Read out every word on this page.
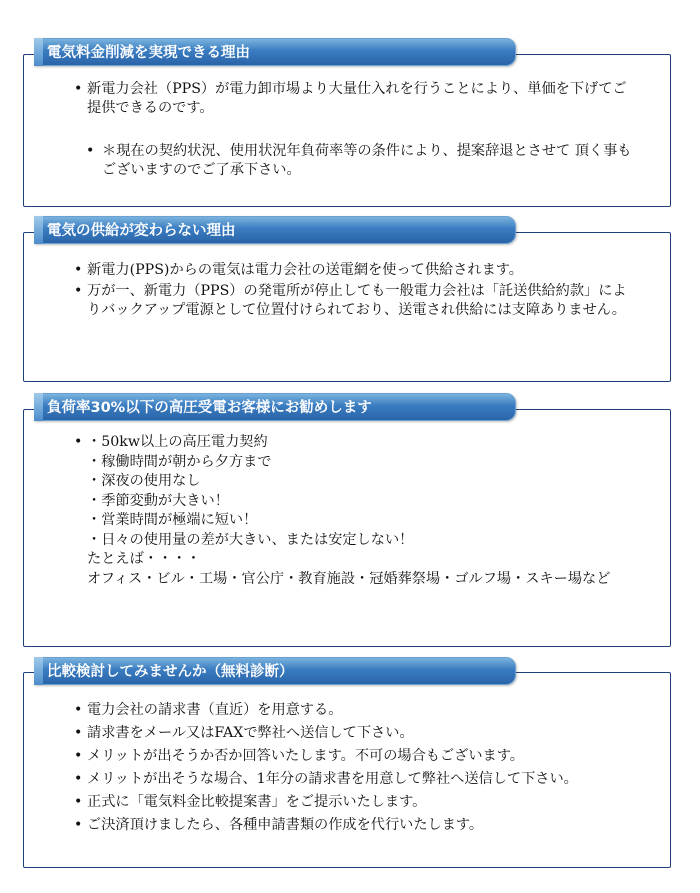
電気料金削減を実現できる理由

• 新電力会社（PPS）が電力卸市場より大量仕入れを行うことにより、単価を下げてご提供できるのです。

• ＊現在の契約状況、使用状況年負荷率等の条件により、提案辞退とさせて 頂く事もございますのでご了承下さい。

電気の供給が変わらない理由

• 新電力(PPS)からの電気は電力会社の送電網を使って供給されます。

• 万が一、新電力（PPS）の発電所が停止しても一般電力会社は「託送供給約款」によりバックアップ電源として位置付けられており、送電され供給には支障ありません。

負荷率30%以下の高圧受電お客様にお勧めします

• ・50kw以上の高圧電力契約

・稼働時間が朝から夕方まで

・深夜の使用なし

・季節変動が大きい！

・営業時間が極端に短い！

・日々の使用量の差が大きい、または安定しない！

たとえば・・・・

オフィス・ビル・工場・官公庁・教育施設・冠婚葬祭場・ゴルフ場・スキー場など

比較検討してみませんか（無料診断）

• 電力会社の請求書（直近）を用意する。

• 請求書をメール又はFAXで弊社へ送信して下さい。

• メリットが出そうか否か回答いたします。不可の場合もございます。

• メリットが出そうな場合、1年分の請求書を用意して弊社へ送信して下さい。

• 正式に「電気料金比較提案書」をご提示いたします。

• ご決済頂けましたら、各種申請書類の作成を代行いたします。
